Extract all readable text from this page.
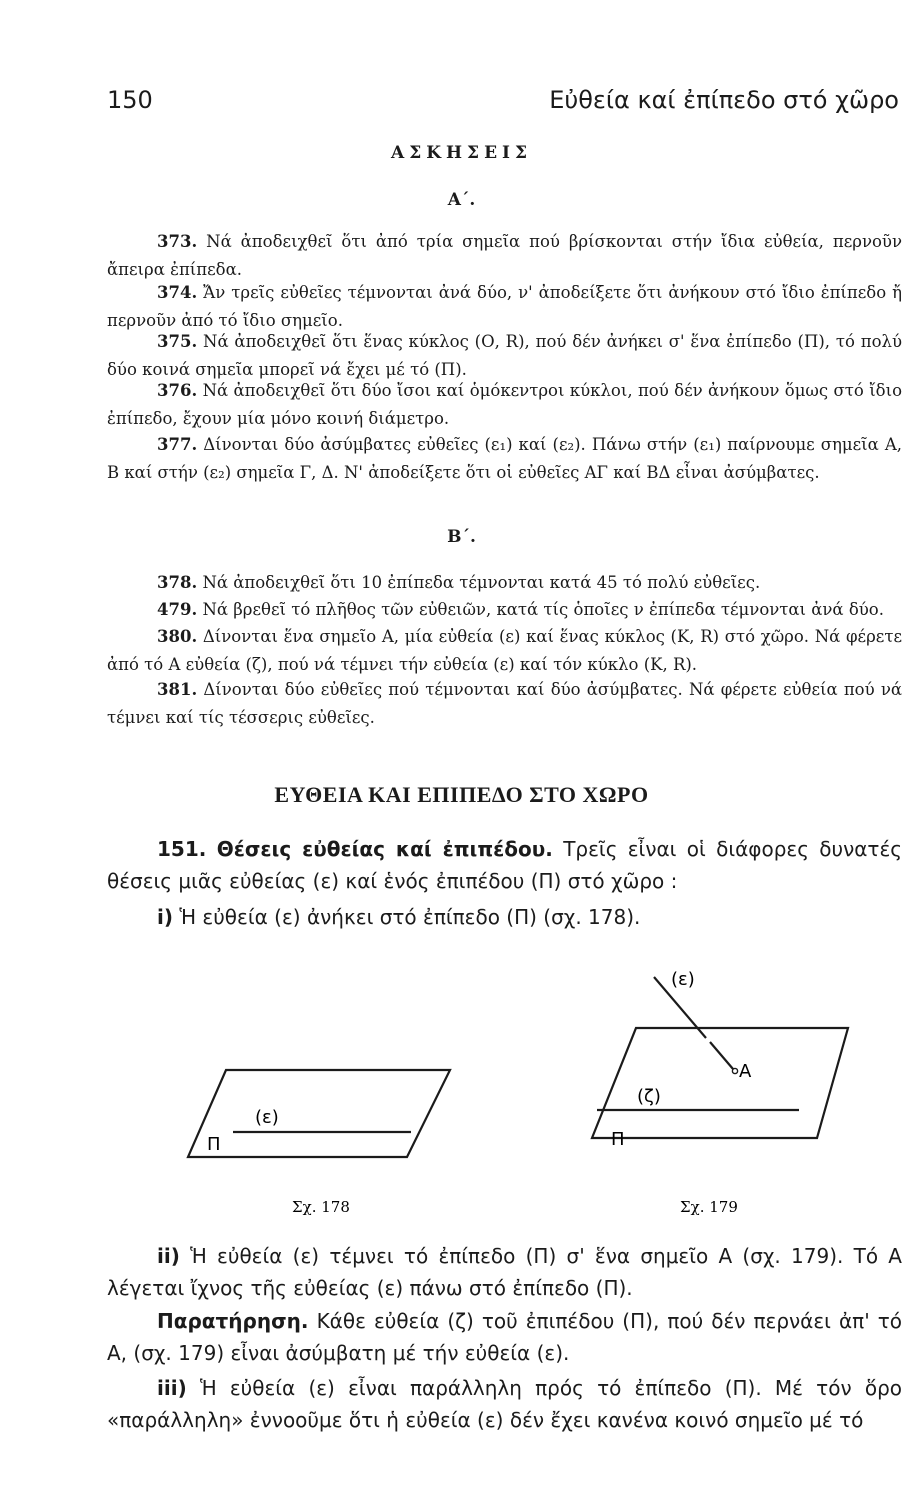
150	Εὐθεία καί ἐπίπεδο στό χῶρο
ΑΣΚΗΣΕΙΣ
Α΄.
373. Νά ἀποδειχθεῖ ὅτι ἀπό τρία σημεῖα πού βρίσκονται στήν ἴδια εὐθεία, περνοῦν ἄπειρα ἐπίπεδα.
374. Ἄν τρεῖς εὐθεῖες τέμνονται ἀνά δύο, ν' ἀποδείξετε ὅτι ἀνήκουν στό ἴδιο ἐπίπεδο ἤ περνοῦν ἀπό τό ἴδιο σημεῖο.
375. Νά ἀποδειχθεῖ ὅτι ἕνας κύκλος (Ο, R), πού δέν ἀνήκει σ' ἕνα ἐπίπεδο (Π), τό πολύ δύο κοινά σημεῖα μπορεῖ νά ἔχει μέ τό (Π).
376. Νά ἀποδειχθεῖ ὅτι δύο ἴσοι καί ὁμόκεντροι κύκλοι, πού δέν ἀνήκουν ὅμως στό ἴδιο ἐπίπεδο, ἔχουν μία μόνο κοινή διάμετρο.
377. Δίνονται δύο ἀσύμβατες εὐθεῖες (ε₁) καί (ε₂). Πάνω στήν (ε₁) παίρνουμε σημεῖα Α, Β καί στήν (ε₂) σημεῖα Γ, Δ. Ν' ἀποδείξετε ὅτι οἱ εὐθεῖες ΑΓ καί ΒΔ εἶναι ἀσύμβατες.
Β΄.
378. Νά ἀποδειχθεῖ ὅτι 10 ἐπίπεδα τέμνονται κατά 45 τό πολύ εὐθεῖες.
479. Νά βρεθεῖ τό πλῆθος τῶν εὐθειῶν, κατά τίς ὁποῖες ν ἐπίπεδα τέμνονται ἀνά δύο.
380. Δίνονται ἕνα σημεῖο Α, μία εὐθεία (ε) καί ἕνας κύκλος (Κ, R) στό χῶρο. Νά φέρετε ἀπό τό Α εὐθεία (ζ), πού νά τέμνει τήν εὐθεία (ε) καί τόν κύκλο (Κ, R).
381. Δίνονται δύο εὐθεῖες πού τέμνονται καί δύο ἀσύμβατες. Νά φέρετε εὐθεία πού νά τέμνει καί τίς τέσσερις εὐθεῖες.
ΕΥΘΕΙΑ ΚΑΙ ΕΠΙΠΕΔΟ ΣΤΟ ΧΩΡΟ
151. Θέσεις εὐθείας καί ἐπιπέδου. Τρεῖς εἶναι οἱ διάφορες δυνατές θέσεις μιᾶς εὐθείας (ε) καί ἑνός ἐπιπέδου (Π) στό χῶρο :
i) Ἡ εὐθεία (ε) ἀνήκει στό ἐπίπεδο (Π) (σχ. 178).
(ε)
Π
Σχ. 178
(ε)
Α
(ζ)
Π
Σχ. 179
ii) Ἡ εὐθεία (ε) τέμνει τό ἐπίπεδο (Π) σ' ἕνα σημεῖο Α (σχ. 179). Τό Α λέγεται ἴχνος τῆς εὐθείας (ε) πάνω στό ἐπίπεδο (Π).
Παρατήρηση. Κάθε εὐθεία (ζ) τοῦ ἐπιπέδου (Π), πού δέν περνάει ἀπ' τό Α, (σχ. 179) εἶναι ἀσύμβατη μέ τήν εὐθεία (ε).
iii) Ἡ εὐθεία (ε) εἶναι παράλληλη πρός τό ἐπίπεδο (Π). Μέ τόν ὅρο «παράλληλη» ἐννοοῦμε ὅτι ἡ εὐθεία (ε) δέν ἔχει κανένα κοινό σημεῖο μέ τό
